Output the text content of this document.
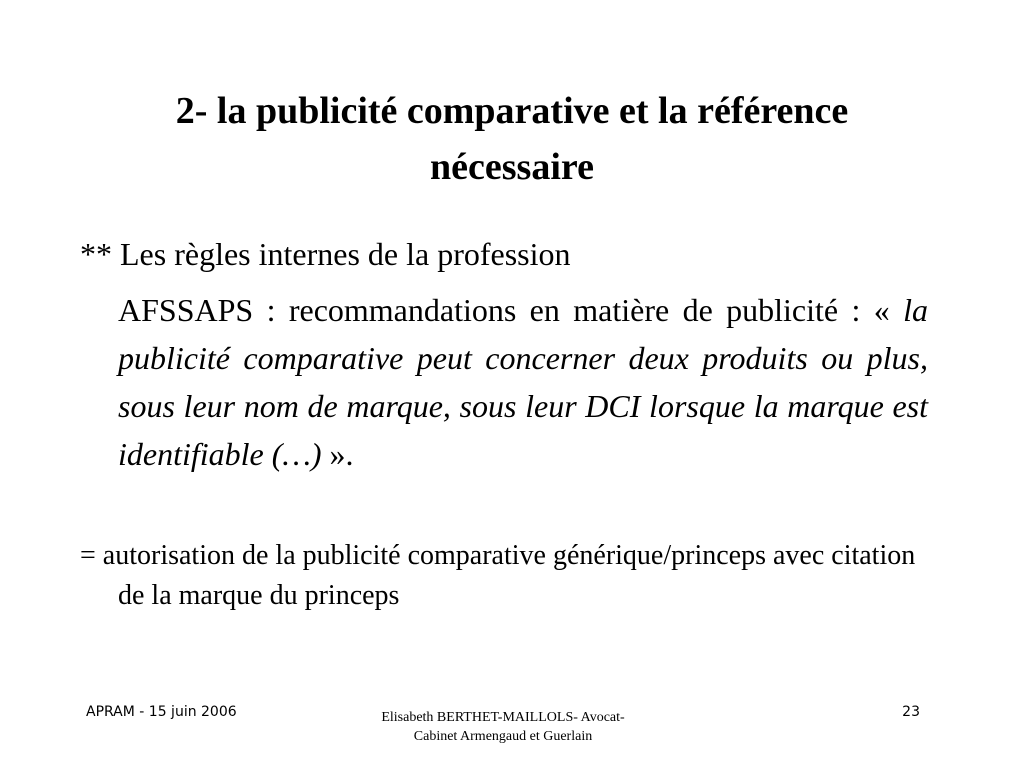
2- la publicité comparative et la référence
nécessaire
** Les règles internes de la profession
AFSSAPS : recommandations en matière de publicité : « la publicité comparative peut concerner deux produits ou plus, sous leur nom de marque, sous leur DCI lorsque la marque est identifiable (…) ».
= autorisation de la publicité comparative générique/princeps avec citation de la marque du princeps
APRAM - 15 juin 2006	Elisabeth BERTHET-MAILLOLS- Avocat-
Cabinet Armengaud et Guerlain
23
